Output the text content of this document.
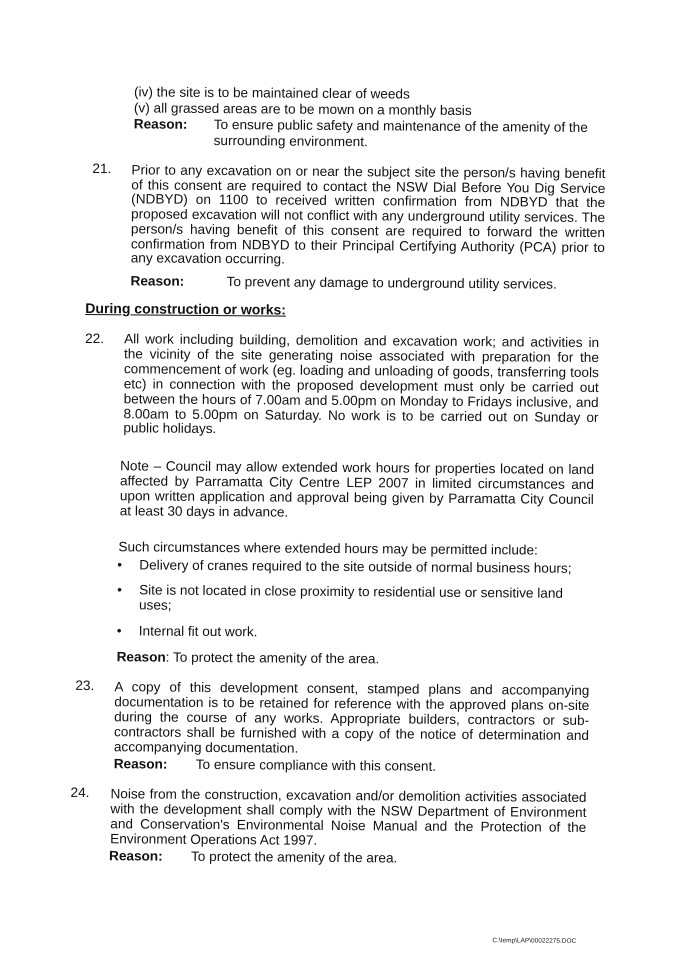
(iv) the site is to be maintained clear of weeds
(v) all grassed areas are to be mown on a monthly basis
Reason:	To ensure public safety and maintenance of the amenity of the surrounding environment.
21. Prior to any excavation on or near the subject site the person/s having benefit of this consent are required to contact the NSW Dial Before You Dig Service (NDBYD) on 1100 to received written confirmation from NDBYD that the proposed excavation will not conflict with any underground utility services. The person/s having benefit of this consent are required to forward the written confirmation from NDBYD to their Principal Certifying Authority (PCA) prior to any excavation occurring.
Reason:	To prevent any damage to underground utility services.
During construction or works:
22. All work including building, demolition and excavation work; and activities in the vicinity of the site generating noise associated with preparation for the commencement of work (eg. loading and unloading of goods, transferring tools etc) in connection with the proposed development must only be carried out between the hours of 7.00am and 5.00pm on Monday to Fridays inclusive, and 8.00am to 5.00pm on Saturday. No work is to be carried out on Sunday or public holidays.
Note – Council may allow extended work hours for properties located on land affected by Parramatta City Centre LEP 2007 in limited circumstances and upon written application and approval being given by Parramatta City Council at least 30 days in advance.
Such circumstances where extended hours may be permitted include:
•	Delivery of cranes required to the site outside of normal business hours;
•	Site is not located in close proximity to residential use or sensitive land uses;
•	Internal fit out work.
Reason: To protect the amenity of the area.
23. A copy of this development consent, stamped plans and accompanying documentation is to be retained for reference with the approved plans on-site during the course of any works. Appropriate builders, contractors or sub-contractors shall be furnished with a copy of the notice of determination and accompanying documentation.
Reason:	To ensure compliance with this consent.
24. Noise from the construction, excavation and/or demolition activities associated with the development shall comply with the NSW Department of Environment and Conservation's Environmental Noise Manual and the Protection of the Environment Operations Act 1997.
Reason:	To protect the amenity of the area.
C:\temp\LAP\00022275.DOC
